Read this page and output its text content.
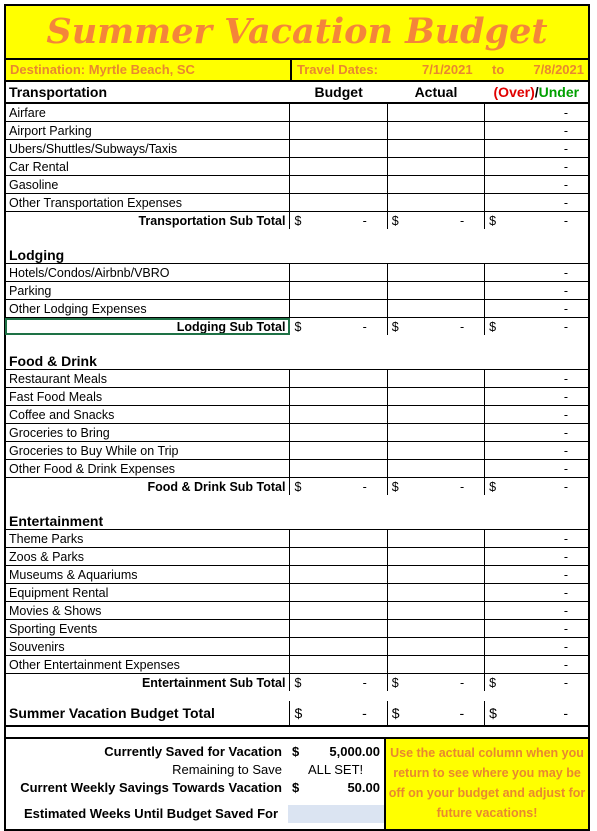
Summer Vacation Budget
Destination: Myrtle Beach, SC	Travel Dates:	7/1/2021	to	7/8/2021
Transportation	Budget	Actual	(Over)/Under
Airfare			-
Airport Parking			-
Ubers/Shuttles/Subways/Taxis			-
Car Rental			-
Gasoline			-
Other Transportation Expenses			-
Transportation Sub Total	$ -	$ -	$ -

Lodging			
Hotels/Condos/Airbnb/VBRO			-
Parking			-
Other Lodging Expenses			-
Lodging Sub Total	$ -	$ -	$ -

Food & Drink			
Restaurant Meals			-
Fast Food Meals			-
Coffee and Snacks			-
Groceries to Bring			-
Groceries to Buy While on Trip			-
Other Food & Drink Expenses			-
Food & Drink Sub Total	$ -	$ -	$ -

Entertainment			
Theme Parks			-
Zoos & Parks			-
Museums & Aquariums			-
Equipment Rental			-
Movies & Shows			-
Sporting Events			-
Souvenirs			-
Other Entertainment Expenses			-
Entertainment Sub Total	$ -	$ -	$ -

Summer Vacation Budget Total	$ -	$ -	$ -

Currently Saved for Vacation $ 5,000.00
Remaining to Save	ALL SET!
Current Weekly Savings Towards Vacation $	50.00
Estimated Weeks Until Budget Saved For
Use the actual column when you return to see where you may be off on your budget and adjust for future vacations!
